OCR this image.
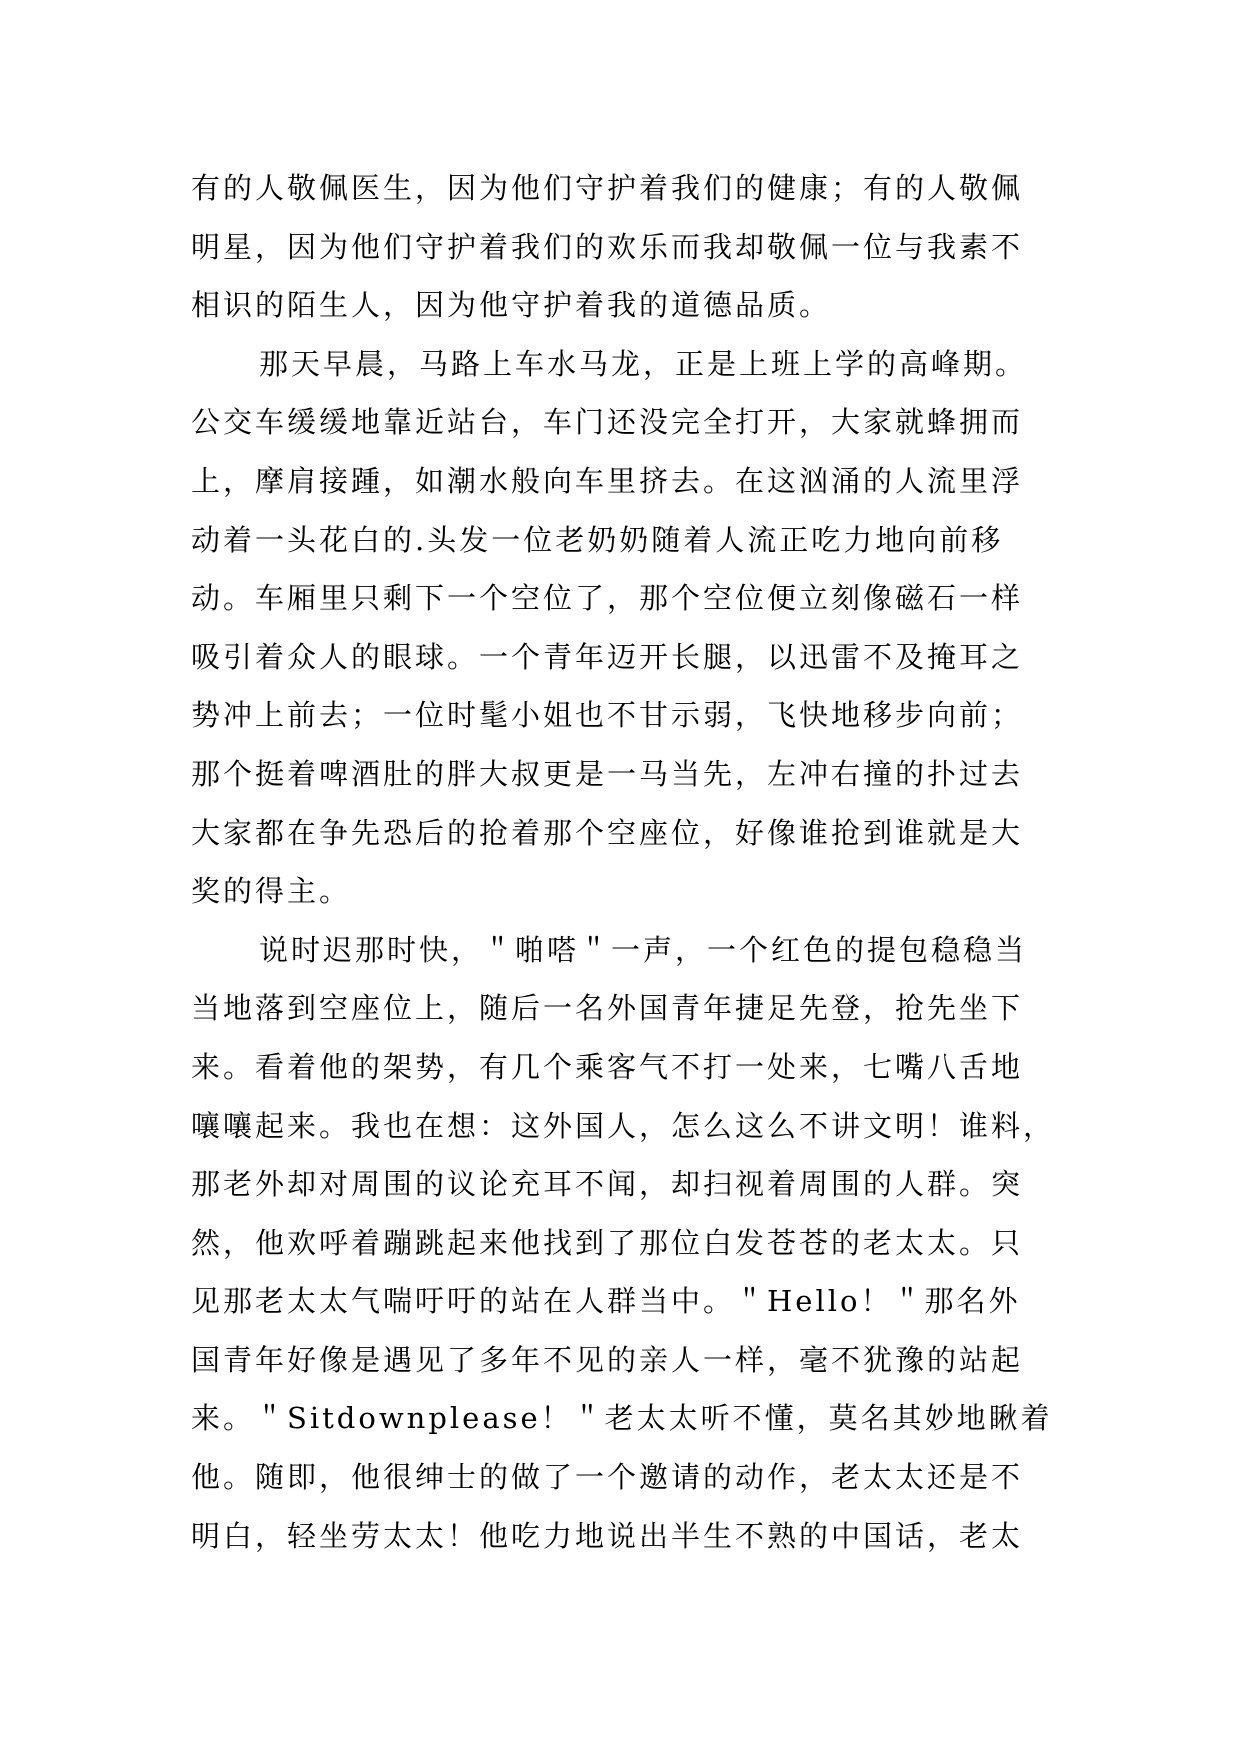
有的人敬佩医生，因为他们守护着我们的健康；有的人敬佩
明星，因为他们守护着我们的欢乐而我却敬佩一位与我素不
相识的陌生人，因为他守护着我的道德品质。
那天早晨，马路上车水马龙，正是上班上学的高峰期。
公交车缓缓地靠近站台，车门还没完全打开，大家就蜂拥而
上，摩肩接踵，如潮水般向车里挤去。在这汹涌的人流里浮
动着一头花白的.头发一位老奶奶随着人流正吃力地向前移
动。车厢里只剩下一个空位了，那个空位便立刻像磁石一样
吸引着众人的眼球。一个青年迈开长腿，以迅雷不及掩耳之
势冲上前去；一位时髦小姐也不甘示弱，飞快地移步向前；
那个挺着啤酒肚的胖大叔更是一马当先，左冲右撞的扑过去
大家都在争先恐后的抢着那个空座位，好像谁抢到谁就是大
奖的得主。
说时迟那时快，＂啪嗒＂一声，一个红色的提包稳稳当
当地落到空座位上，随后一名外国青年捷足先登，抢先坐下
来。看着他的架势，有几个乘客气不打一处来，七嘴八舌地
嚷嚷起来。我也在想：这外国人，怎么这么不讲文明！谁料，
那老外却对周围的议论充耳不闻，却扫视着周围的人群。突
然，他欢呼着蹦跳起来他找到了那位白发苍苍的老太太。只
见那老太太气喘吁吁的站在人群当中。＂Hello！＂那名外
国青年好像是遇见了多年不见的亲人一样，毫不犹豫的站起
来。＂Sitdownplease！＂老太太听不懂，莫名其妙地瞅着
他。随即，他很绅士的做了一个邀请的动作，老太太还是不
明白，轻坐劳太太！他吃力地说出半生不熟的中国话，老太
